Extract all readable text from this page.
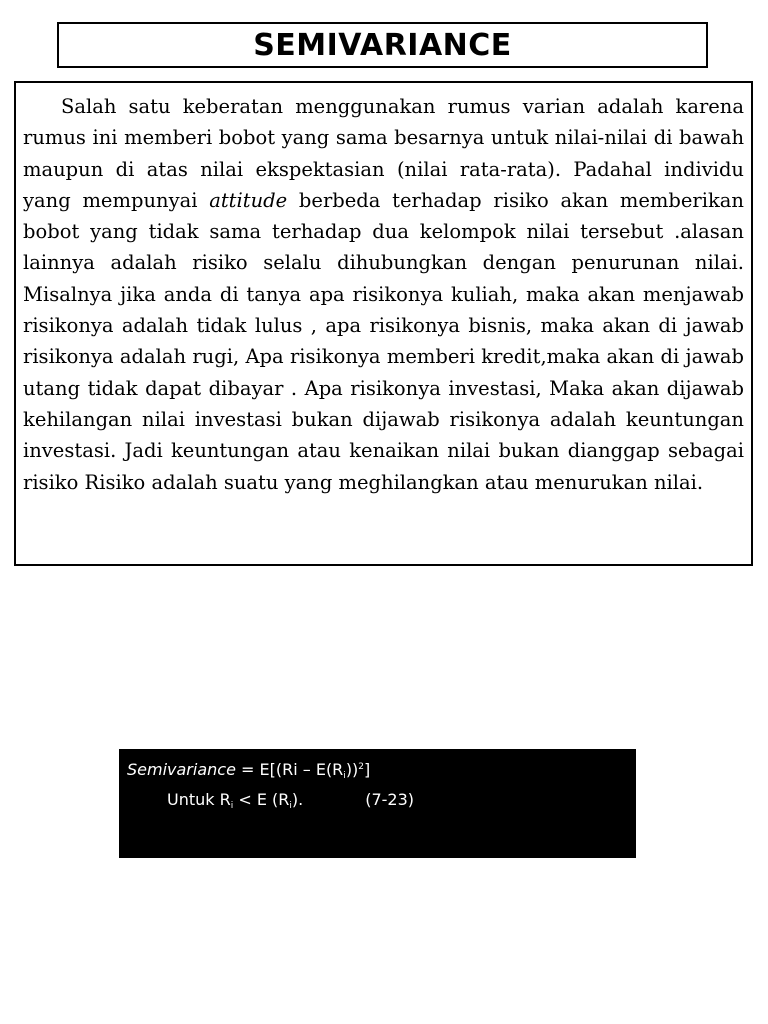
SEMIVARIANCE

Salah satu keberatan menggunakan rumus varian adalah karena rumus ini memberi bobot yang sama besarnya untuk nilai-nilai di bawah maupun di atas nilai ekspektasian (nilai rata-rata). Padahal individu yang mempunyai attitude berbeda terhadap risiko akan memberikan bobot yang tidak sama terhadap dua kelompok nilai tersebut .alasan lainnya adalah risiko selalu dihubungkan dengan penurunan nilai. Misalnya jika anda di tanya apa risikonya kuliah, maka akan menjawab risikonya adalah tidak lulus , apa risikonya bisnis, maka akan di jawab risikonya adalah rugi, Apa risikonya memberi kredit,maka akan di jawab utang tidak dapat dibayar . Apa risikonya investasi, Maka akan dijawab kehilangan nilai investasi bukan dijawab risikonya adalah keuntungan investasi. Jadi keuntungan atau kenaikan nilai bukan dianggap sebagai risiko Risiko adalah suatu yang meghilangkan atau menurukan nilai.

Semivariance = $E[(Ri - E(R_i))^2]$
Untuk $R_i < E$ $(R_i)$.	(7-23)
